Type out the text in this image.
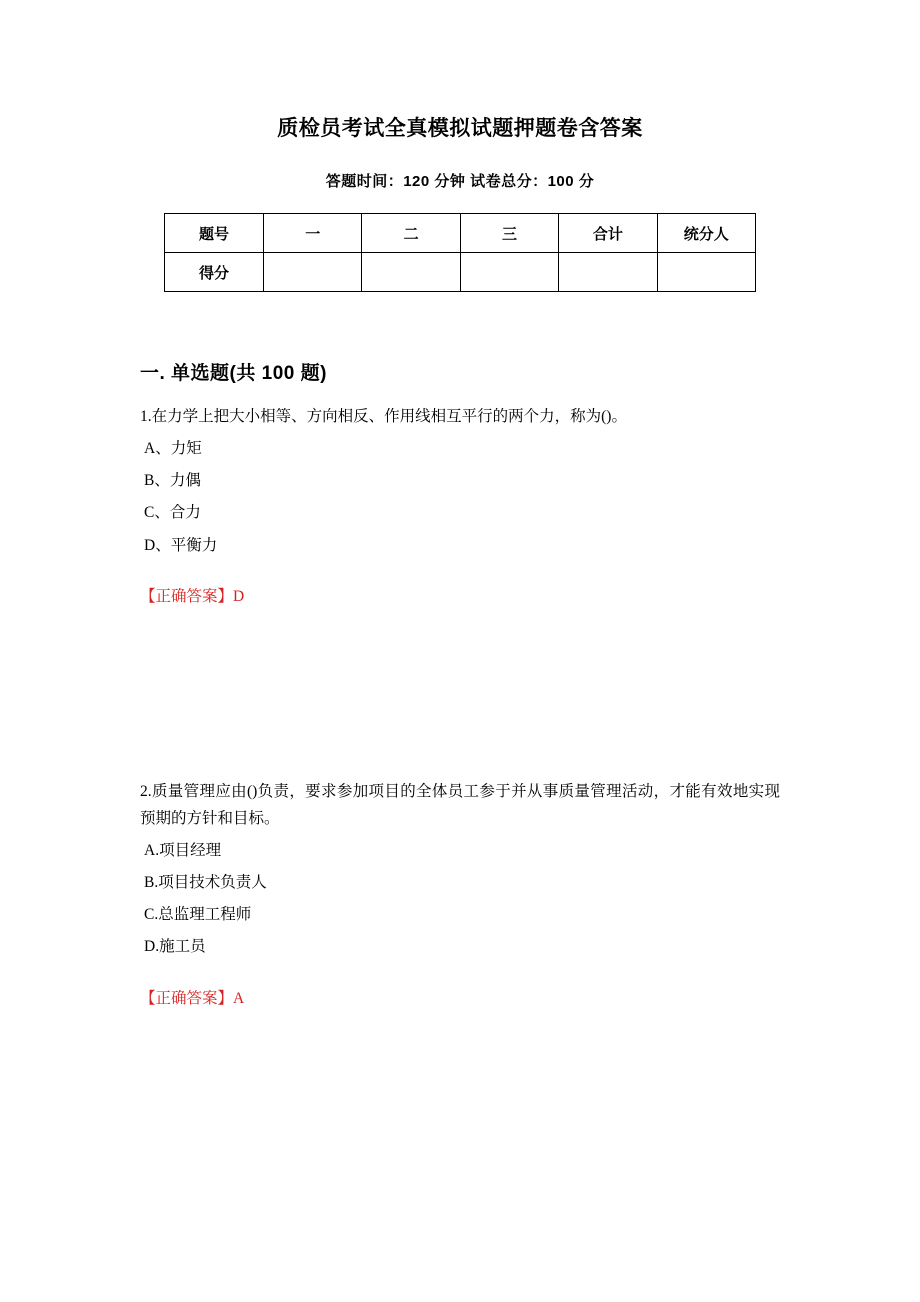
质检员考试全真模拟试题押题卷含答案
答题时间：120 分钟 试卷总分：100 分
题号	一	二	三	合计	统分人
得分					
一. 单选题(共 100 题)
1.在力学上把大小相等、方向相反、作用线相互平行的两个力，称为()。
A、力矩
B、力偶
C、合力
D、平衡力
【正确答案】D
2.质量管理应由()负责，要求参加项目的全体员工参于并从事质量管理活动，才能有效地实现预期的方针和目标。
A.项目经理
B.项目技术负责人
C.总监理工程师
D.施工员
【正确答案】A
